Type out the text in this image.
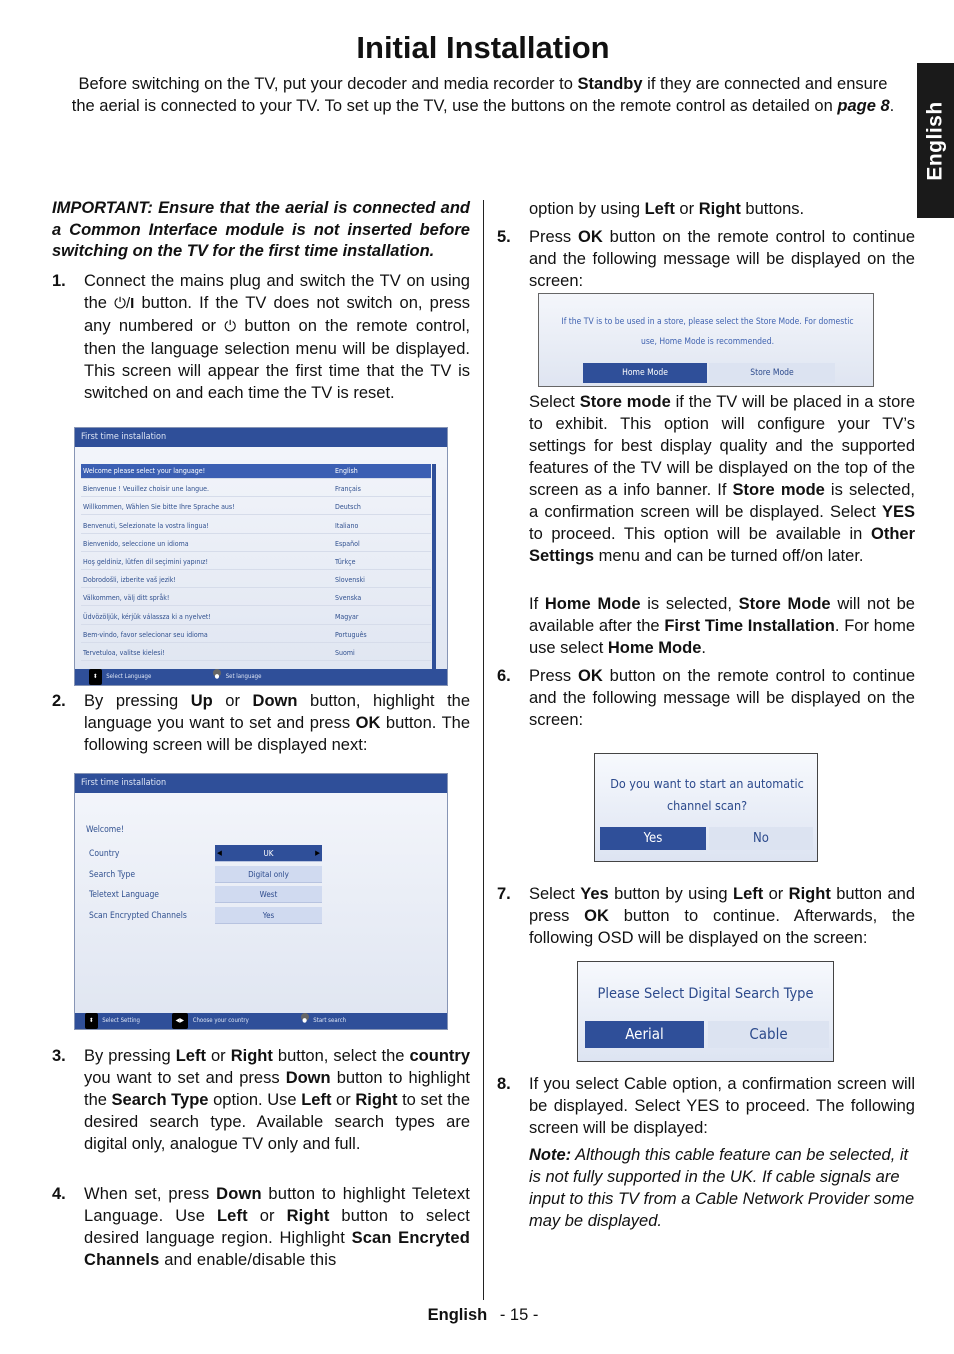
Initial Installation
Before switching on the TV, put your decoder and media recorder to Standby if they are connected and ensure the aerial is connected to your TV. To set up the TV, use the buttons on the remote control as detailed on page 8. English
IMPORTANT: Ensure that the aerial is connected and a Common Interface module is not inserted before switching on the TV for the first time installation.
1. Connect the mains plug and switch the TV on using the ⏻/I button. If the TV does not switch on, press any numbered or ⏻ button on the remote control, then the language selection menu will be displayed. This screen will appear the first time that the TV is switched on and each time the TV is reset.
First time installation
Welcome please select your language!	English
Bienvenue ! Veuillez choisir une langue.	Français
Willkommen, Wählen Sie bitte Ihre Sprache aus!	Deutsch
Benvenuti, Selezionate la vostra lingua!	Italiano
Bienvenido, seleccione un idioma	Español
Hoş geldiniz, lütfen dil seçimini yapınız!	Türkçe
Dobrodošli, izberite vaš jezik!	Slovenski
Välkommen, välj ditt språk!	Svenska
Üdvözöljük, kérjük válassza ki a nyelvet!	Magyar
Bem-vindo, favor selecionar seu idioma	Português
Tervetuloa, valitse kielesi!	Suomi
⬍ Select Language	● Set language
2. By pressing Up or Down button, highlight the language you want to set and press OK button. The following screen will be displayed next:
First time installation
Welcome!
Country	UK
◀	▶
Search Type	Digital only
Teletext Language	West
Scan Encrypted Channels	Yes
⬍ Select Setting	◀▶ Choose your country	● Start search
3. By pressing Left or Right button, select the country you want to set and press Down button to highlight the Search Type option. Use Left or Right to set the desired search type. Available search types are digital only, analogue TV only and full.
4. When set, press Down button to highlight Teletext Language. Use Left or Right button to select desired language region. Highlight Scan Encryted Channels and enable/disable this
option by using Left or Right buttons.
5. Press OK button on the remote control to continue and the following message will be displayed on the screen:
If the TV is to be used in a store, please select the Store Mode. For domestic use, Home Mode is recommended.
Home Mode	Store Mode
Select Store mode if the TV will be placed in a store to exhibit. This option will configure your TV’s settings for best display quality and the supported features of the TV will be displayed on the top of the screen as a info banner. If Store mode is selected, a confirmation screen will be displayed. Select YES to proceed. This option will be available in Other Settings menu and can be turned off/on later.
If Home Mode is selected, Store Mode will not be available after the First Time Installation. For home use select Home Mode.
6. Press OK button on the remote control to continue and the following message will be displayed on the screen:
Do you want to start an automatic channel scan?
Yes	No
7. Select Yes button by using Left or Right button and press OK button to continue. Afterwards, the following OSD will be displayed on the screen:
Please Select Digital Search Type
Aerial	Cable
8. If you select Cable option, a confirmation screen will be displayed. Select YES to proceed. The following screen will be displayed:
Note: Although this cable feature can be selected, it is not fully supported in the UK. If cable signals are input to this TV from a Cable Network Provider some may be displayed.
English - 15 -
